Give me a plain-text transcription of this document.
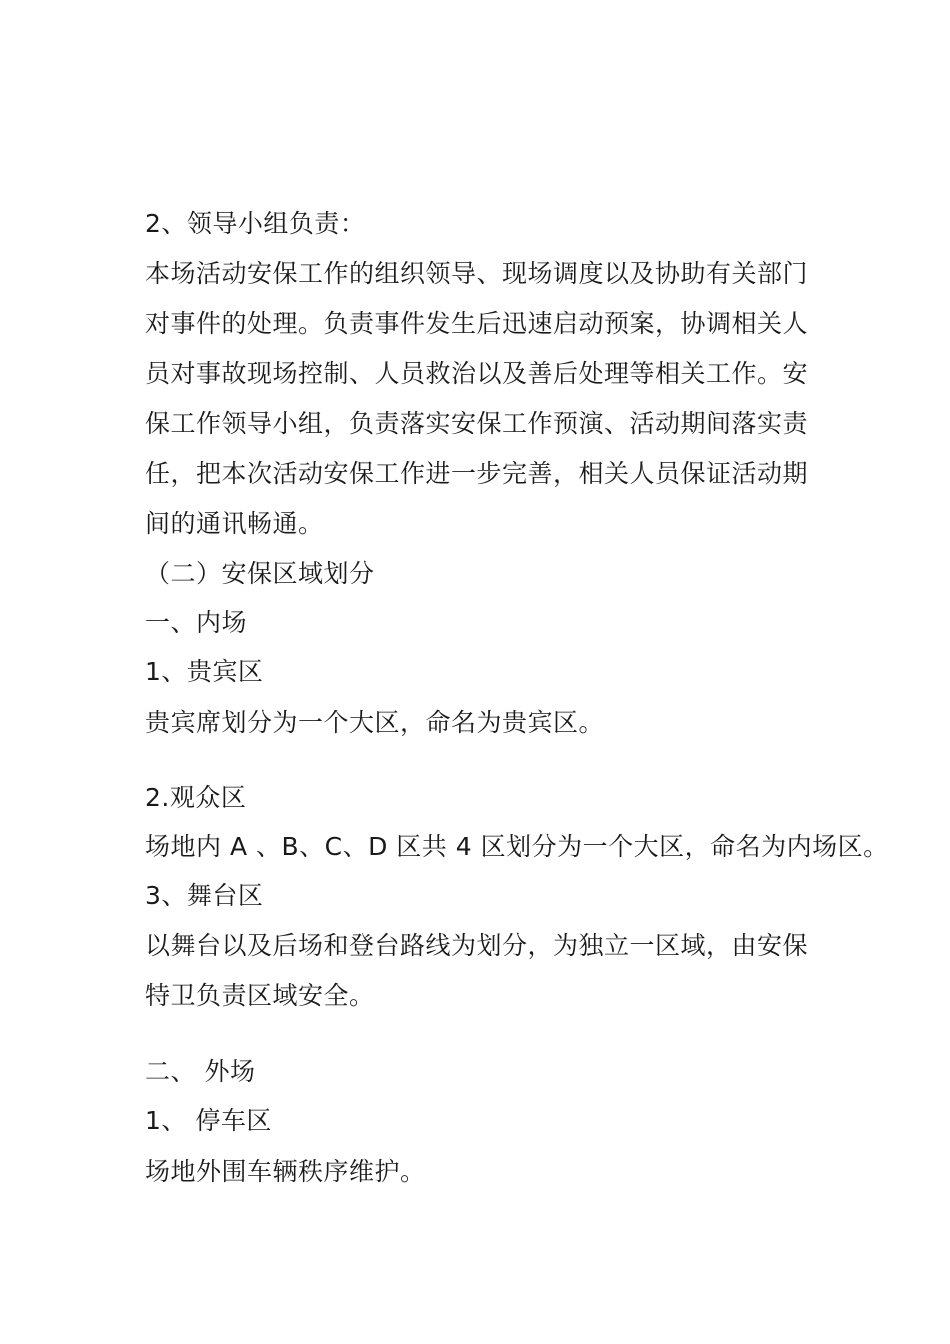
2、领导小组负责：
本场活动安保工作的组织领导、现场调度以及协助有关部门
对事件的处理。负责事件发生后迅速启动预案，协调相关人
员对事故现场控制、人员救治以及善后处理等相关工作。安
保工作领导小组，负责落实安保工作预演、活动期间落实责
任，把本次活动安保工作进一步完善，相关人员保证活动期
间的通讯畅通。
（二）安保区域划分
一、内场
1、贵宾区
贵宾席划分为一个大区，命名为贵宾区。
2.观众区
场地内 A 、B、C、D 区共 4 区划分为一个大区，命名为内场区。
3、舞台区
以舞台以及后场和登台路线为划分，为独立一区域，由安保
特卫负责区域安全。
二、 外场
1、 停车区
场地外围车辆秩序维护。
